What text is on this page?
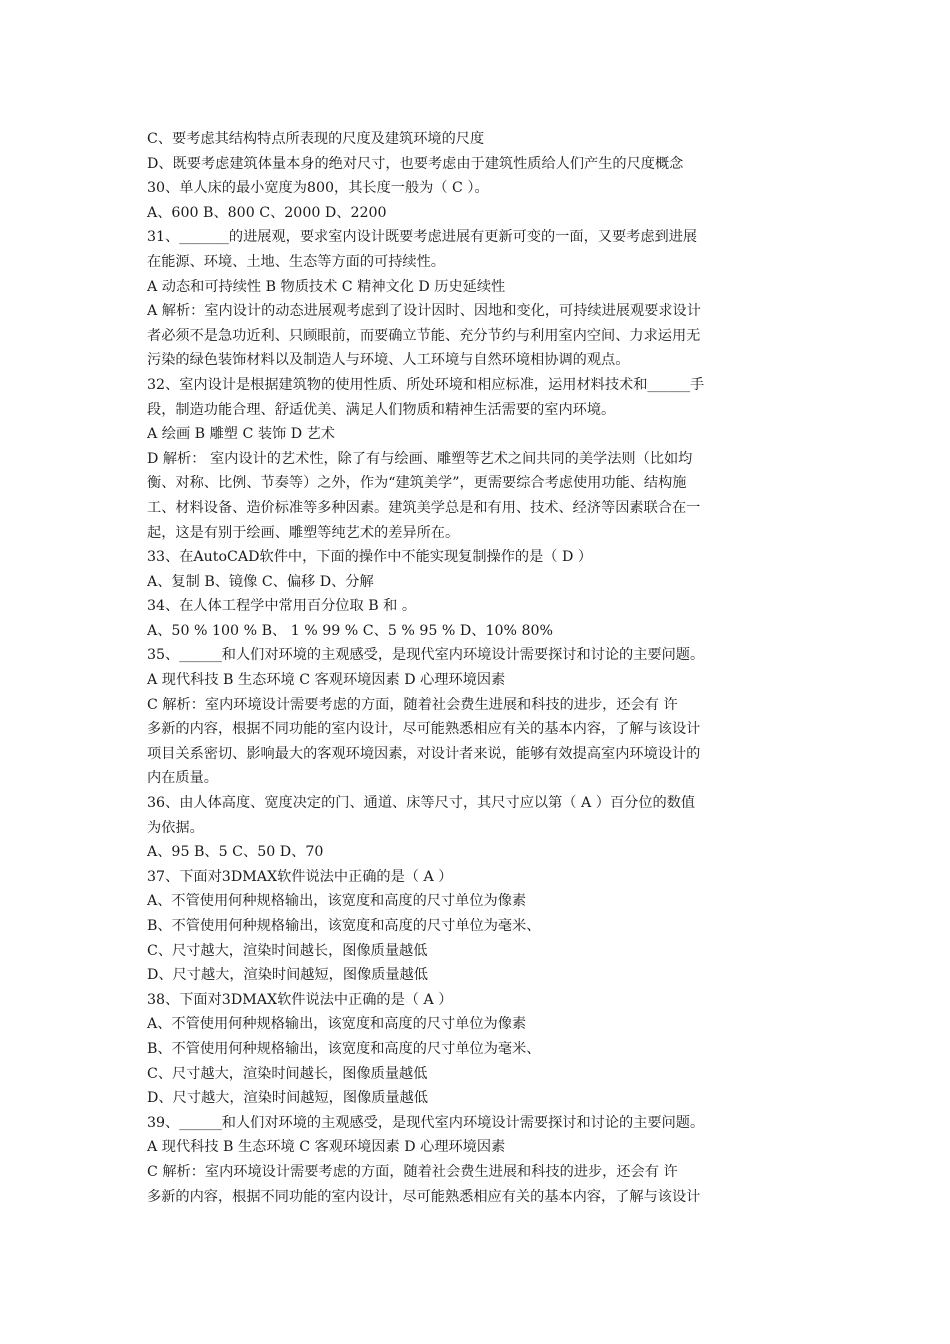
C、要考虑其结构特点所表现的尺度及建筑环境的尺度
D、既要考虑建筑体量本身的绝对尺寸，也要考虑由于建筑性质给人们产生的尺度概念
30、单人床的最小宽度为800，其长度一般为（ C ）。
A、600 B、800 C、2000 D、2200
31、_______的进展观，要求室内设计既要考虑进展有更新可变的一面，又要考虑到进展
在能源、环境、土地、生态等方面的可持续性。
A 动态和可持续性 B 物质技术 C 精神文化 D 历史延续性
A 解析：室内设计的动态进展观考虑到了设计因时、因地和变化，可持续进展观要求设计
者必须不是急功近利、只顾眼前，而要确立节能、充分节约与利用室内空间、力求运用无
污染的绿色装饰材料以及制造人与环境、人工环境与自然环境相协调的观点。
32、室内设计是根据建筑物的使用性质、所处环境和相应标准，运用材料技术和______手
段，制造功能合理、舒适优美、满足人们物质和精神生活需要的室内环境。
A 绘画 B 雕塑 C 装饰 D 艺术
D 解析： 室内设计的艺术性，除了有与绘画、雕塑等艺术之间共同的美学法则（比如均
衡、对称、比例、节奏等）之外，作为“建筑美学”，更需要综合考虑使用功能、结构施
工、材料设备、造价标准等多种因素。建筑美学总是和有用、技术、经济等因素联合在一
起，这是有别于绘画、雕塑等纯艺术的差异所在。
33、在AutoCAD软件中，下面的操作中不能实现复制操作的是（ D ）
A、复制 B、镜像 C、偏移 D、分解
34、在人体工程学中常用百分位取 B 和 。
A、50 % 100 % B、 1 % 99 % C、5 % 95 % D、10% 80%
35、______和人们对环境的主观感受，是现代室内环境设计需要探讨和讨论的主要问题。
A 现代科技 B 生态环境 C 客观环境因素 D 心理环境因素
C 解析：室内环境设计需要考虑的方面，随着社会费生进展和科技的进步，还会有 许
多新的内容，根据不同功能的室内设计，尽可能熟悉相应有关的基本内容，了解与该设计
项目关系密切、影响最大的客观环境因素，对设计者来说，能够有效提高室内环境设计的
内在质量。
36、由人体高度、宽度决定的门、通道、床等尺寸，其尺寸应以第（ A ）百分位的数值
为依据。
A、95 B、5 C、50 D、70
37、下面对3DMAX软件说法中正确的是（ A ）
A、不管使用何种规格输出，该宽度和高度的尺寸单位为像素
B、不管使用何种规格输出，该宽度和高度的尺寸单位为毫米、
C、尺寸越大，渲染时间越长，图像质量越低
D、尺寸越大，渲染时间越短，图像质量越低
38、下面对3DMAX软件说法中正确的是（ A ）
A、不管使用何种规格输出，该宽度和高度的尺寸单位为像素
B、不管使用何种规格输出，该宽度和高度的尺寸单位为毫米、
C、尺寸越大，渲染时间越长，图像质量越低
D、尺寸越大，渲染时间越短，图像质量越低
39、______和人们对环境的主观感受，是现代室内环境设计需要探讨和讨论的主要问题。
A 现代科技 B 生态环境 C 客观环境因素 D 心理环境因素
C 解析：室内环境设计需要考虑的方面，随着社会费生进展和科技的进步，还会有 许
多新的内容，根据不同功能的室内设计，尽可能熟悉相应有关的基本内容，了解与该设计
